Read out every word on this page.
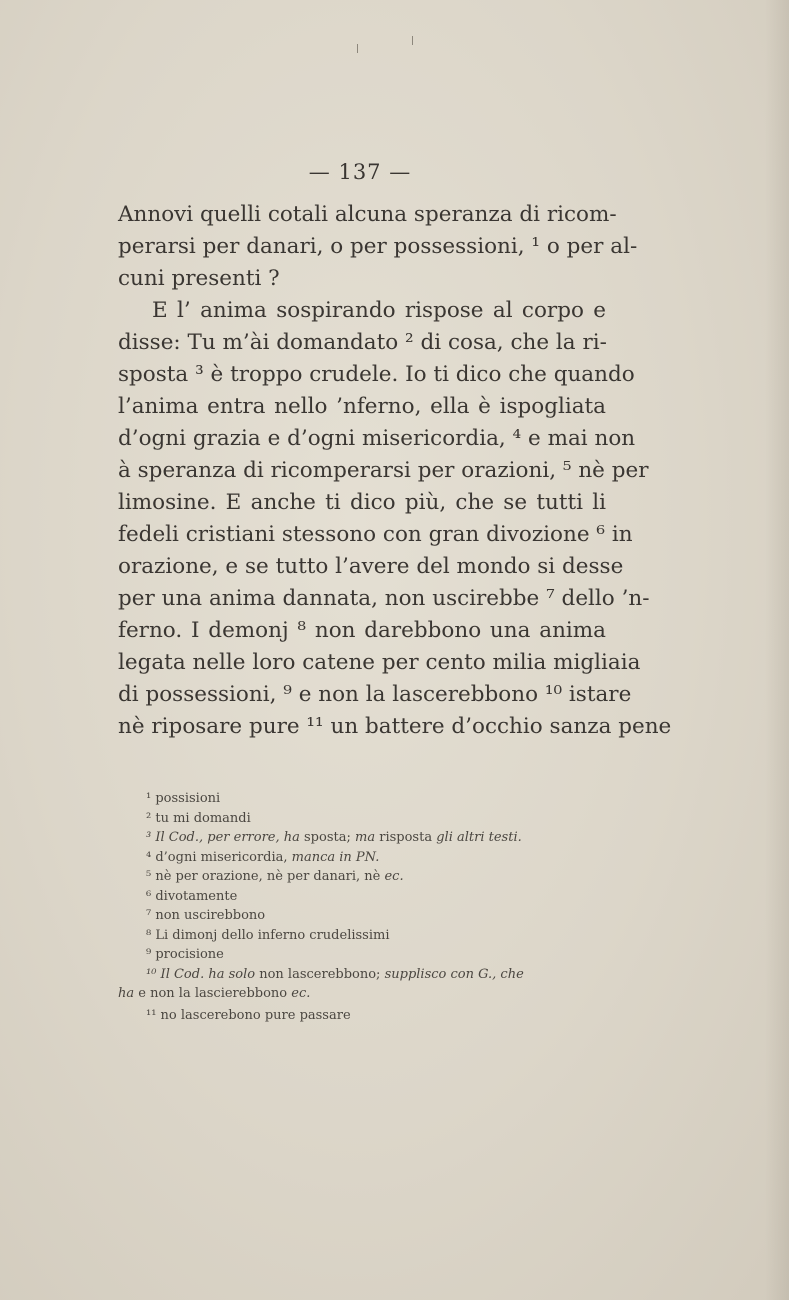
— 137 —
Annovi quelli cotali alcuna speranza di ricom-
perarsi per danari, o per possessioni, ¹ o per al-
cuni presenti ?
E l’ anima sospirando rispose al corpo e
disse: Tu m’ài domandato ² di cosa, che la ri-
sposta ³ è troppo crudele. Io ti dico che quando
l’anima entra nello ’nferno, ella è ispogliata
d’ogni grazia e d’ogni misericordia, ⁴ e mai non
à speranza di ricomperarsi per orazioni, ⁵ nè per
limosine. E anche ti dico più, che se tutti li
fedeli cristiani stessono con gran divozione ⁶ in
orazione, e se tutto l’avere del mondo si desse
per una anima dannata, non uscirebbe ⁷ dello ’n-
ferno. I demonj ⁸ non darebbono una anima
legata nelle loro catene per cento milia migliaia
di possessioni, ⁹ e non la lascerebbono ¹⁰ istare
nè riposare pure ¹¹ un battere d’occhio sanza pene
¹ possisioni
² tu mi domandi
³ Il Cod., per errore, ha sposta; ma risposta gli altri testi.
⁴ d’ogni misericordia, manca in PN.
⁵ nè per orazione, nè per danari, nè ec.
⁶ divotamente
⁷ non uscirebbono
⁸ Li dimonj dello inferno crudelissimi
⁹ procisione
¹⁰ Il Cod. ha solo non lascerebbono; supplisco con G., che
ha e non la lascierebbono ec.
¹¹ no lascerebono pure passare
